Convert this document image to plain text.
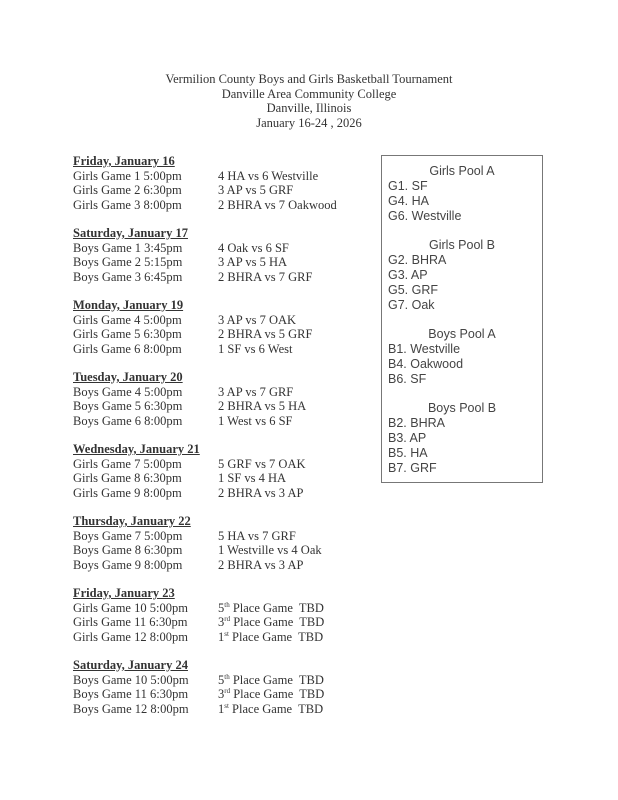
Vermilion County Boys and Girls Basketball Tournament
Danville Area Community College
Danville, Illinois
January 16-24 , 2026
Friday, January 16
Girls Game 1 5:00pm	4 HA vs 6 Westville
Girls Game 2 6:30pm	3 AP vs 5 GRF
Girls Game 3 8:00pm	2 BHRA vs 7 Oakwood
Saturday, January 17
Boys Game 1 3:45pm	4 Oak vs 6 SF
Boys Game 2 5:15pm	3 AP vs 5 HA
Boys Game 3 6:45pm	2 BHRA vs 7 GRF
Monday, January 19
Girls Game 4 5:00pm	3 AP vs 7 OAK
Girls Game 5 6:30pm	2 BHRA vs 5 GRF
Girls Game 6 8:00pm	1 SF vs 6 West
Tuesday, January 20
Boys Game 4 5:00pm	3 AP vs 7 GRF
Boys Game 5 6:30pm	2 BHRA vs 5 HA
Boys Game 6 8:00pm	1 West vs 6 SF
Wednesday, January 21
Girls Game 7 5:00pm	5 GRF vs 7 OAK
Girls Game 8 6:30pm	1 SF vs 4 HA
Girls Game 9 8:00pm	2 BHRA vs 3 AP
Thursday, January 22
Boys Game 7 5:00pm	5 HA vs 7 GRF
Boys Game 8 6:30pm	1 Westville vs 4 Oak
Boys Game 9 8:00pm	2 BHRA vs 3 AP
Friday, January 23
Girls Game 10 5:00pm	5th Place Game  TBD
Girls Game 11 6:30pm	3rd Place Game  TBD
Girls Game 12 8:00pm	1st Place Game  TBD
Saturday, January 24
Boys Game 10 5:00pm	5th Place Game  TBD
Boys Game 11 6:30pm	3rd Place Game  TBD
Boys Game 12 8:00pm	1st Place Game  TBD
Girls Pool A
G1. SF
G4. HA
G6. Westville
Girls Pool B
G2. BHRA
G3. AP
G5. GRF
G7. Oak
Boys Pool A
B1. Westville
B4. Oakwood
B6. SF
Boys Pool B
B2. BHRA
B3. AP
B5. HA
B7. GRF
